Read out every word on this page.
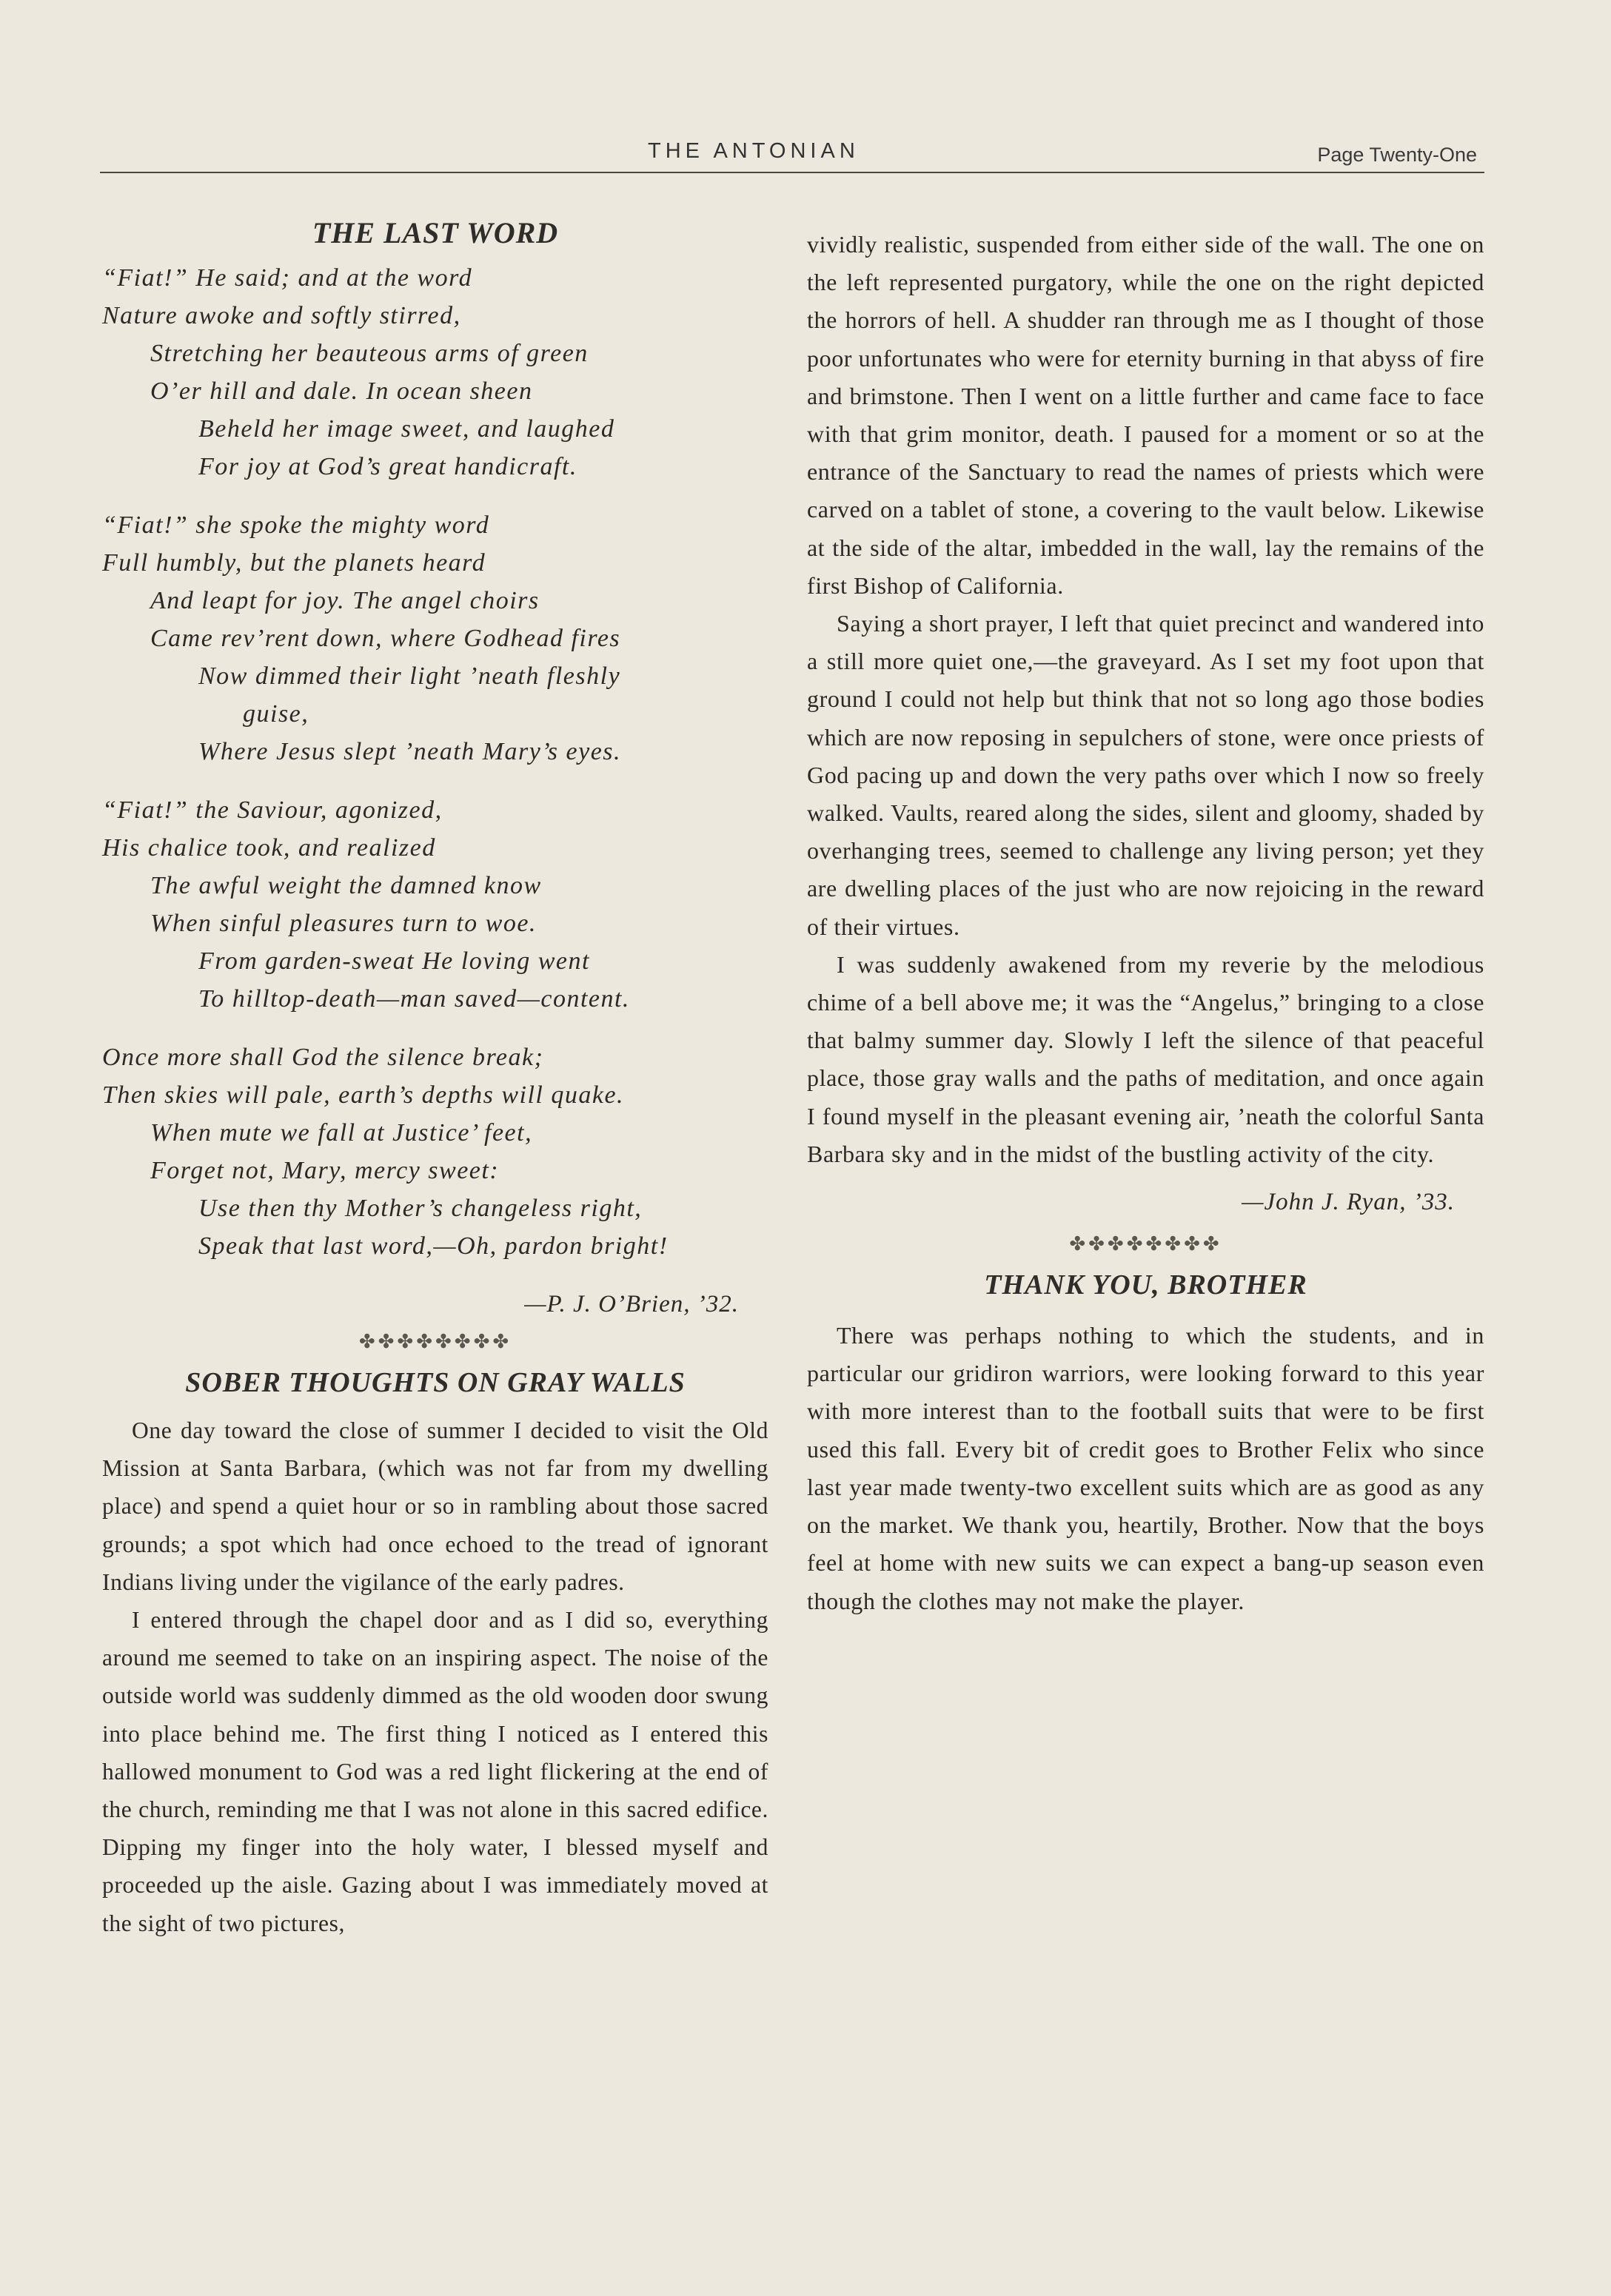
THE ANTONIAN	Page Twenty-One
THE LAST WORD
“Fiat!” He said; and at the word
Nature awoke and softly stirred,
Stretching her beauteous arms of green
O’er hill and dale. In ocean sheen
Beheld her image sweet, and laughed
For joy at God’s great handicraft.
“Fiat!” she spoke the mighty word
Full humbly, but the planets heard
And leapt for joy. The angel choirs
Came rev’rent down, where Godhead fires
Now dimmed their light ’neath fleshly
guise,
Where Jesus slept ’neath Mary’s eyes.
“Fiat!” the Saviour, agonized,
His chalice took, and realized
The awful weight the damned know
When sinful pleasures turn to woe.
From garden-sweat He loving went
To hilltop-death—man saved—content.
Once more shall God the silence break;
Then skies will pale, earth’s depths will quake.
When mute we fall at Justice’ feet,
Forget not, Mary, mercy sweet:
Use then thy Mother’s changeless right,
Speak that last word,—Oh, pardon bright!
—P. J. O’Brien, ’32.
✤✤✤✤✤✤✤✤
SOBER THOUGHTS ON GRAY WALLS

One day toward the close of summer I decided to visit the Old Mission at Santa Barbara, (which was not far from my dwelling place) and spend a quiet hour or so in rambling about those sacred grounds; a spot which had once echoed to the tread of ignorant Indians living under the vigilance of the early padres.

I entered through the chapel door and as I did so, everything around me seemed to take on an inspiring aspect. The noise of the outside world was suddenly dimmed as the old wooden door swung into place behind me. The first thing I noticed as I entered this hallowed monument to God was a red light flickering at the end of the church, reminding me that I was not alone in this sacred edifice. Dipping my finger into the holy water, I blessed myself and proceeded up the aisle. Gazing about I was immediately moved at the sight of two pictures,

vividly realistic, suspended from either side of the wall. The one on the left represented purgatory, while the one on the right depicted the horrors of hell. A shudder ran through me as I thought of those poor unfortunates who were for eternity burning in that abyss of fire and brimstone. Then I went on a little further and came face to face with that grim monitor, death. I paused for a moment or so at the entrance of the Sanctuary to read the names of priests which were carved on a tablet of stone, a covering to the vault below. Likewise at the side of the altar, imbedded in the wall, lay the remains of the first Bishop of California.

Saying a short prayer, I left that quiet precinct and wandered into a still more quiet one,—the graveyard. As I set my foot upon that ground I could not help but think that not so long ago those bodies which are now reposing in sepulchers of stone, were once priests of God pacing up and down the very paths over which I now so freely walked. Vaults, reared along the sides, silent and gloomy, shaded by overhanging trees, seemed to challenge any living person; yet they are dwelling places of the just who are now rejoicing in the reward of their virtues.

I was suddenly awakened from my reverie by the melodious chime of a bell above me; it was the “Angelus,” bringing to a close that balmy summer day. Slowly I left the silence of that peaceful place, those gray walls and the paths of meditation, and once again I found myself in the pleasant evening air, ’neath the colorful Santa Barbara sky and in the midst of the bustling activity of the city.

—John J. Ryan, ’33.
✤✤✤✤✤✤✤✤
THANK YOU, BROTHER

There was perhaps nothing to which the students, and in particular our gridiron warriors, were looking forward to this year with more interest than to the football suits that were to be first used this fall. Every bit of credit goes to Brother Felix who since last year made twenty-two excellent suits which are as good as any on the market. We thank you, heartily, Brother. Now that the boys feel at home with new suits we can expect a bang-up season even though the clothes may not make the player.
